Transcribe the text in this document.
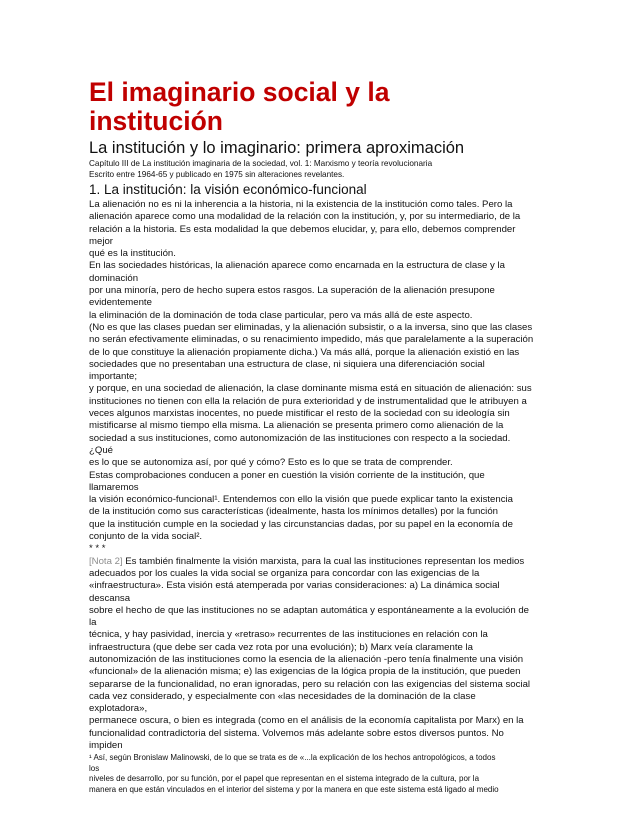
El imaginario social y la
institución
La institución y lo imaginario: primera aproximación
Capítulo III de La institución imaginaria de la sociedad, vol. 1: Marxismo y teoría revolucionaria
Escrito entre 1964-65 y publicado en 1975 sin alteraciones revelantes.
1. La institución: la visión económico-funcional
La alienación no es ni la inherencia a la historia, ni la existencia de la institución como tales. Pero la
alienación aparece como una modalidad de la relación con la institución, y, por su intermediario, de la
relación a la historia. Es esta modalidad la que debemos elucidar, y, para ello, debemos comprender
mejor
qué es la institución.
En las sociedades históricas, la alienación aparece como encarnada en la estructura de clase y la
dominación
por una minoría, pero de hecho supera estos rasgos. La superación de la alienación presupone
evidentemente
la eliminación de la dominación de toda clase particular, pero va más allá de este aspecto.
(No es que las clases puedan ser eliminadas, y la alienación subsistir, o a la inversa, sino que las clases
no serán efectivamente eliminadas, o su renacimiento impedido, más que paralelamente a la superación
de lo que constituye la alienación propiamente dicha.) Va más allá, porque la alienación existió en las
sociedades que no presentaban una estructura de clase, ni siquiera una diferenciación social
importante;
y porque, en una sociedad de alienación, la clase dominante misma está en situación de alienación: sus
instituciones no tienen con ella la relación de pura exterioridad y de instrumentalidad que le atribuyen a
veces algunos marxistas inocentes, no puede mistificar el resto de la sociedad con su ideología sin
mistificarse al mismo tiempo ella misma. La alienación se presenta primero como alienación de la
sociedad a sus instituciones, como autonomización de las instituciones con respecto a la sociedad.
¿Qué
es lo que se autonomiza así, por qué y cómo? Esto es lo que se trata de comprender.
Estas comprobaciones conducen a poner en cuestión la visión corriente de la institución, que
llamaremos
la visión económico-funcional¹. Entendemos con ello la visión que puede explicar tanto la existencia
de la institución como sus características (idealmente, hasta los mínimos detalles) por la función
que la institución cumple en la sociedad y las circunstancias dadas, por su papel en la economía de
conjunto de la vida social².
* * *
[Nota 2] Es también finalmente la visión marxista, para la cual las instituciones representan los medios
adecuados por los cuales la vida social se organiza para concordar con las exigencias de la
«infraestructura». Esta visión está atemperada por varias consideraciones: a) La dinámica social
descansa
sobre el hecho de que las instituciones no se adaptan automática y espontáneamente a la evolución de
la
técnica, y hay pasividad, inercia y «retraso» recurrentes de las instituciones en relación con la
infraestructura (que debe ser cada vez rota por una evolución); b) Marx veía claramente la
autonomización de las instituciones como la esencia de la alienación -pero tenía finalmente una visión
«funcional» de la alienación misma; e) las exigencias de la lógica propia de la institución, que pueden
separarse de la funcionalidad, no eran ignoradas, pero su relación con las exigencias del sistema social
cada vez considerado, y especialmente con «las necesidades de la dominación de la clase
explotadora»,
permanece oscura, o bien es integrada (como en el análisis de la economía capitalista por Marx) en la
funcionalidad contradictoria del sistema. Volvemos más adelante sobre estos diversos puntos. No
impiden
¹ Así, según Bronislaw Malinowski, de lo que se trata es de «...la explicación de los hechos antropológicos, a todos
los
niveles de desarrollo, por su función, por el papel que representan en el sistema integrado de la cultura, por la
manera en que están vinculados en el interior del sistema y por la manera en que este sistema está ligado al medio
